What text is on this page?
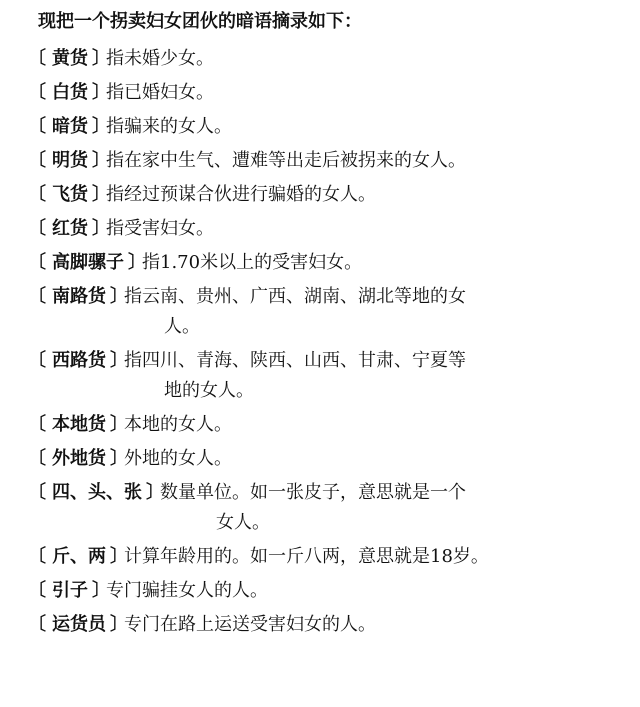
现把一个拐卖妇女团伙的暗语摘录如下：
〔 黄货 〕
指未婚少女。
〔 白货 〕
指已婚妇女。
〔 暗货 〕
指骗来的女人。
〔 明货 〕
指在家中生气、遭难等出走后被拐来的女人。
〔 飞货 〕
指经过预谋合伙进行骗婚的女人。
〔 红货 〕
指受害妇女。
〔 高脚骡子 〕
指1.70米以上的受害妇女。
〔 南路货 〕
指云南、贵州、广西、湖南、湖北等地的女
人。
〔 西路货 〕
指四川、青海、陕西、山西、甘肃、宁夏等
地的女人。
〔 本地货 〕
本地的女人。
〔 外地货 〕
外地的女人。
〔 四、头、张 〕
数量单位。如一张皮子，意思就是一个
女人。
〔 斤、两 〕
计算年龄用的。如一斤八两，意思就是18岁。
〔 引子 〕
专门骗挂女人的人。
〔 运货员 〕
专门在路上运送受害妇女的人。
